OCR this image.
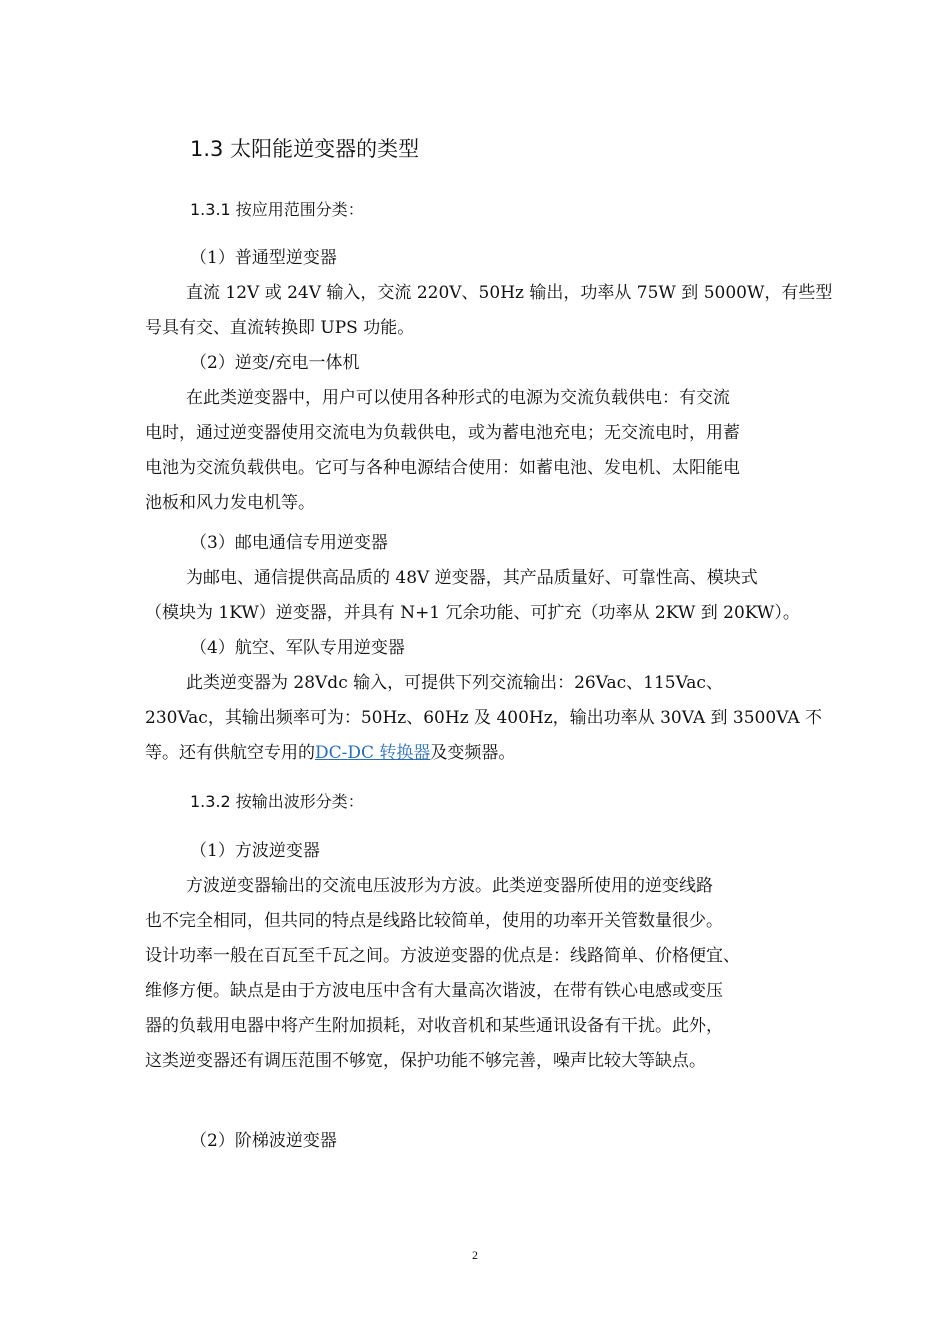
1.3 太阳能逆变器的类型
1.3.1 按应用范围分类：
（1）普通型逆变器
直流 12V 或 24V 输入，交流 220V、50Hz 输出，功率从 75W 到 5000W，有些型
号具有交、直流转换即 UPS 功能。
（2）逆变/充电一体机
在此类逆变器中，用户可以使用各种形式的电源为交流负载供电：有交流
电时，通过逆变器使用交流电为负载供电，或为蓄电池充电；无交流电时，用蓄
电池为交流负载供电。它可与各种电源结合使用：如蓄电池、发电机、太阳能电
池板和风力发电机等。
（3）邮电通信专用逆变器
为邮电、通信提供高品质的 48V 逆变器，其产品质量好、可靠性高、模块式
（模块为 1KW）逆变器，并具有 N+1 冗余功能、可扩充（功率从 2KW 到 20KW）。
（4）航空、军队专用逆变器
此类逆变器为 28Vdc 输入，可提供下列交流输出：26Vac、115Vac、
230Vac，其输出频率可为：50Hz、60Hz 及 400Hz，输出功率从 30VA 到 3500VA 不
等。还有供航空专用的DC-DC 转换器及变频器。
1.3.2 按输出波形分类：
（1）方波逆变器
方波逆变器输出的交流电压波形为方波。此类逆变器所使用的逆变线路
也不完全相同，但共同的特点是线路比较简单，使用的功率开关管数量很少。
设计功率一般在百瓦至千瓦之间。方波逆变器的优点是：线路简单、价格便宜、
维修方便。缺点是由于方波电压中含有大量高次谐波，在带有铁心电感或变压
器的负载用电器中将产生附加损耗，对收音机和某些通讯设备有干扰。此外，
这类逆变器还有调压范围不够宽，保护功能不够完善，噪声比较大等缺点。
（2）阶梯波逆变器
2
